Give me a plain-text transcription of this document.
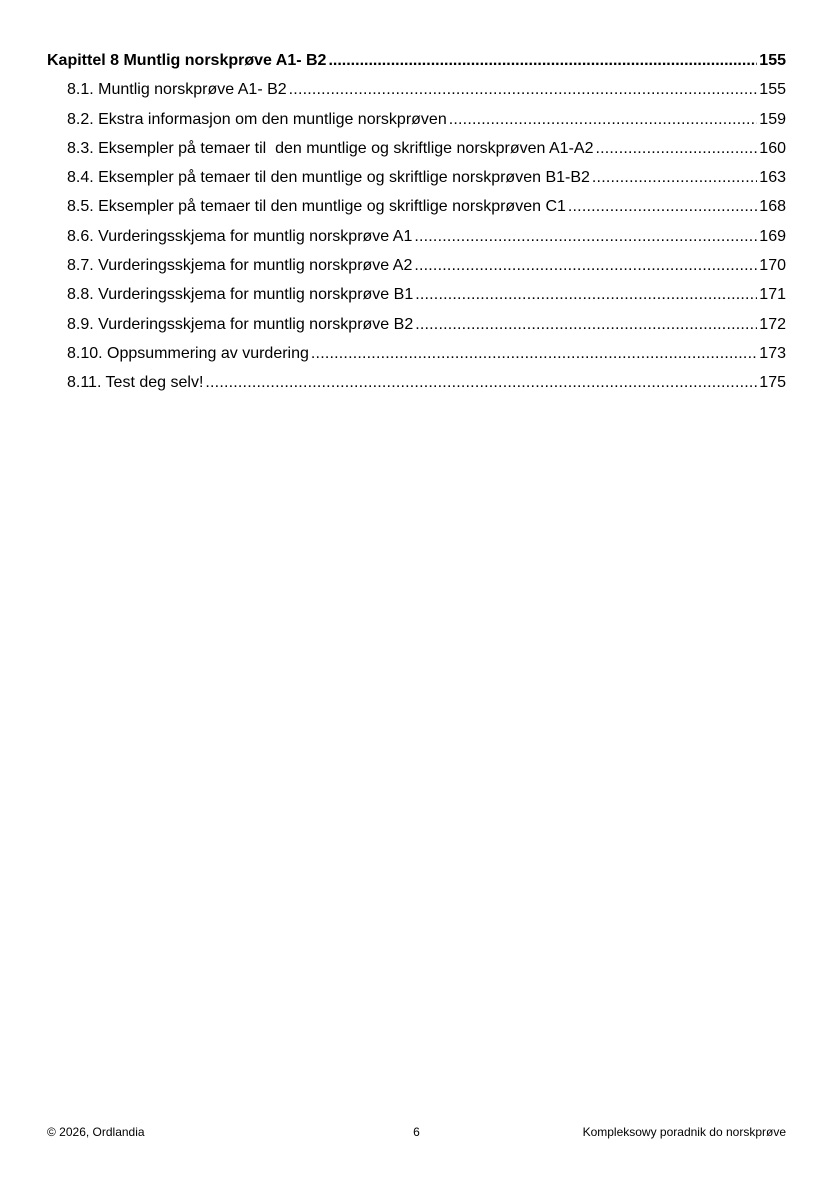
Kapittel 8 Muntlig norskprøve A1- B2 .....	155
8.1. Muntlig norskprøve A1- B2 .....	155
8.2. Ekstra informasjon om den muntlige norskprøven .....	159
8.3. Eksempler på temaer til  den muntlige og skriftlige norskprøven A1-A2 .....	160
8.4. Eksempler på temaer til den muntlige og skriftlige norskprøven B1-B2 .....	163
8.5. Eksempler på temaer til den muntlige og skriftlige norskprøven C1 .....	168
8.6. Vurderingsskjema for muntlig norskprøve A1 .....	169
8.7. Vurderingsskjema for muntlig norskprøve A2 .....	170
8.8. Vurderingsskjema for muntlig norskprøve B1 .....	171
8.9. Vurderingsskjema for muntlig norskprøve B2 .....	172
8.10. Oppsummering av vurdering .....	173
8.11. Test deg selv! .....	175
© 2026, Ordlandia	6	Kompleksowy poradnik do norskprøve
